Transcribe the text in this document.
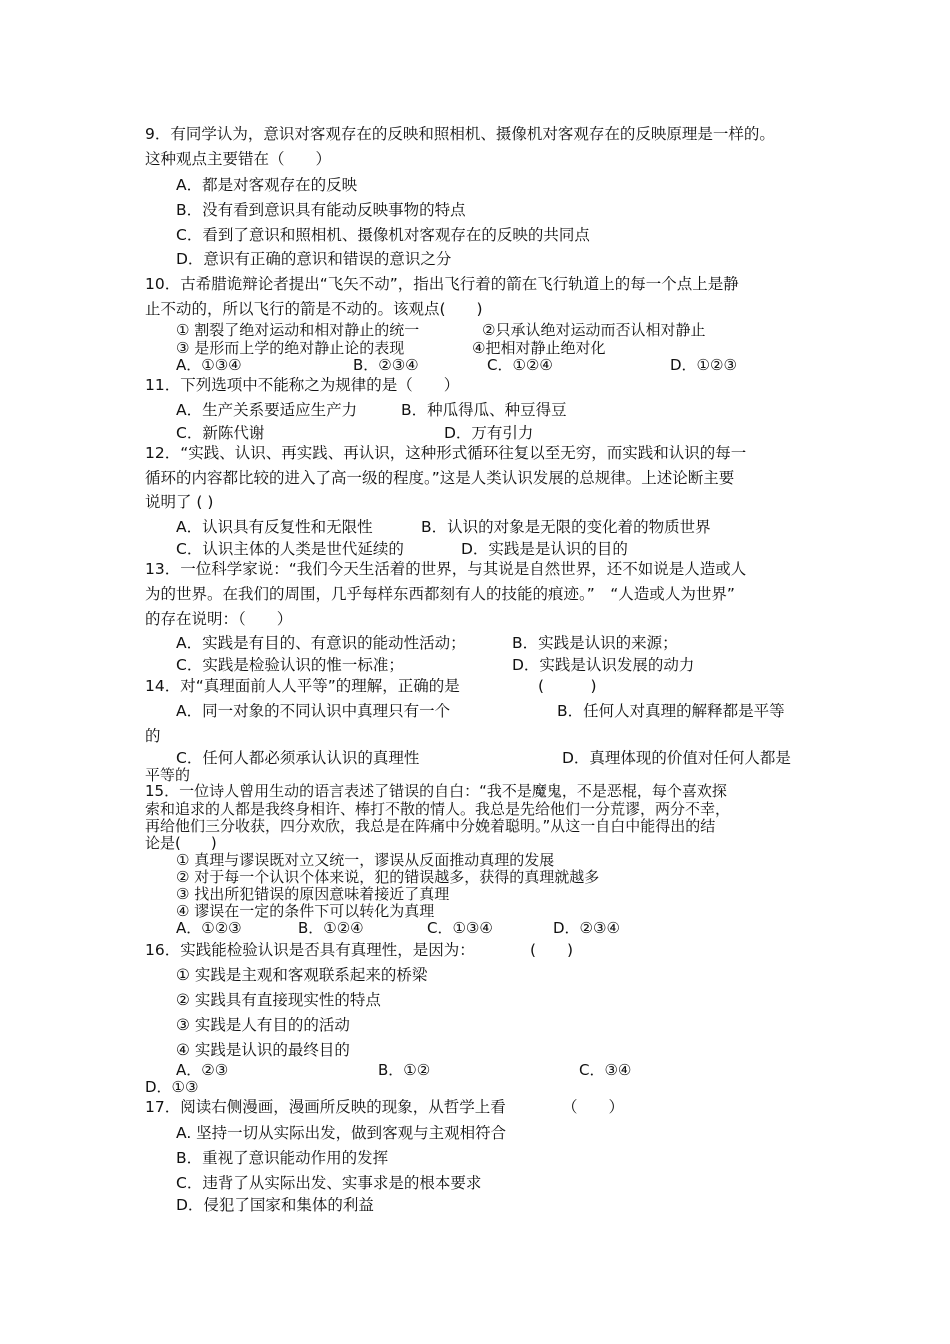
9．有同学认为，意识对客观存在的反映和照相机、摄像机对客观存在的反映原理是一样的。
这种观点主要错在（　　）
A．都是对客观存在的反映
B．没有看到意识具有能动反映事物的特点
C．看到了意识和照相机、摄像机对客观存在的反映的共同点
D．意识有正确的意识和错误的意识之分
10．古希腊诡辩论者提出“飞矢不动”，指出飞行着的箭在飞行轨道上的每一个点上是静
止不动的，所以飞行的箭是不动的。该观点(　　)
① 割裂了绝对运动和相对静止的统一	②只承认绝对运动而否认相对静止
③ 是形而上学的绝对静止论的表现	④把相对静止绝对化
A．①③④	B．②③④	C．①②④	D．①②③
11．下列选项中不能称之为规律的是（　　）
A．生产关系要适应生产力	B．种瓜得瓜、种豆得豆
C．新陈代谢	D．万有引力
12．“实践、认识、再实践、再认识，这种形式循环往复以至无穷，而实践和认识的每一
循环的内容都比较的进入了高一级的程度。”这是人类认识发展的总规律。上述论断主要
说明了 ( )
A．认识具有反复性和无限性	B．认识的对象是无限的变化着的物质世界
C．认识主体的人类是世代延续的	D．实践是是认识的目的
13．一位科学家说：“我们今天生活着的世界，与其说是自然世界，还不如说是人造或人
为的世界。在我们的周围，几乎每样东西都刻有人的技能的痕迹。”　“人造或人为世界”
的存在说明：（　　）
A．实践是有目的、有意识的能动性活动；	B．实践是认识的来源；
C．实践是检验认识的惟一标准；	D．实践是认识发展的动力
14．对“真理面前人人平等”的理解，正确的是	(　　　)
A．同一对象的不同认识中真理只有一个	B．任何人对真理的解释都是平等
的
C．任何人都必须承认认识的真理性	D．真理体现的价值对任何人都是
平等的
15．一位诗人曾用生动的语言表述了错误的自白：“我不是魔鬼，不是恶棍，每个喜欢探
索和追求的人都是我终身相许、棒打不散的情人。我总是先给他们一分荒谬，两分不幸，
再给他们三分收获，四分欢欣，我总是在阵痛中分娩着聪明。”从这一自白中能得出的结
论是(　　)
① 真理与谬误既对立又统一，谬误从反面推动真理的发展
② 对于每一个认识个体来说，犯的错误越多，获得的真理就越多
③ 找出所犯错误的原因意味着接近了真理
④ 谬误在一定的条件下可以转化为真理
A．①②③	B．①②④	C．①③④	D．②③④
16．实践能检验认识是否具有真理性，是因为：	(　　)
① 实践是主观和客观联系起来的桥梁
② 实践具有直接现实性的特点
③ 实践是人有目的的活动
④ 实践是认识的最终目的
A．②③	B．①②	C．③④
D．①③
17．阅读右侧漫画，漫画所反映的现象，从哲学上看	（　　）
A. 坚持一切从实际出发，做到客观与主观相符合
B．重视了意识能动作用的发挥
C．违背了从实际出发、实事求是的根本要求
D．侵犯了国家和集体的利益
